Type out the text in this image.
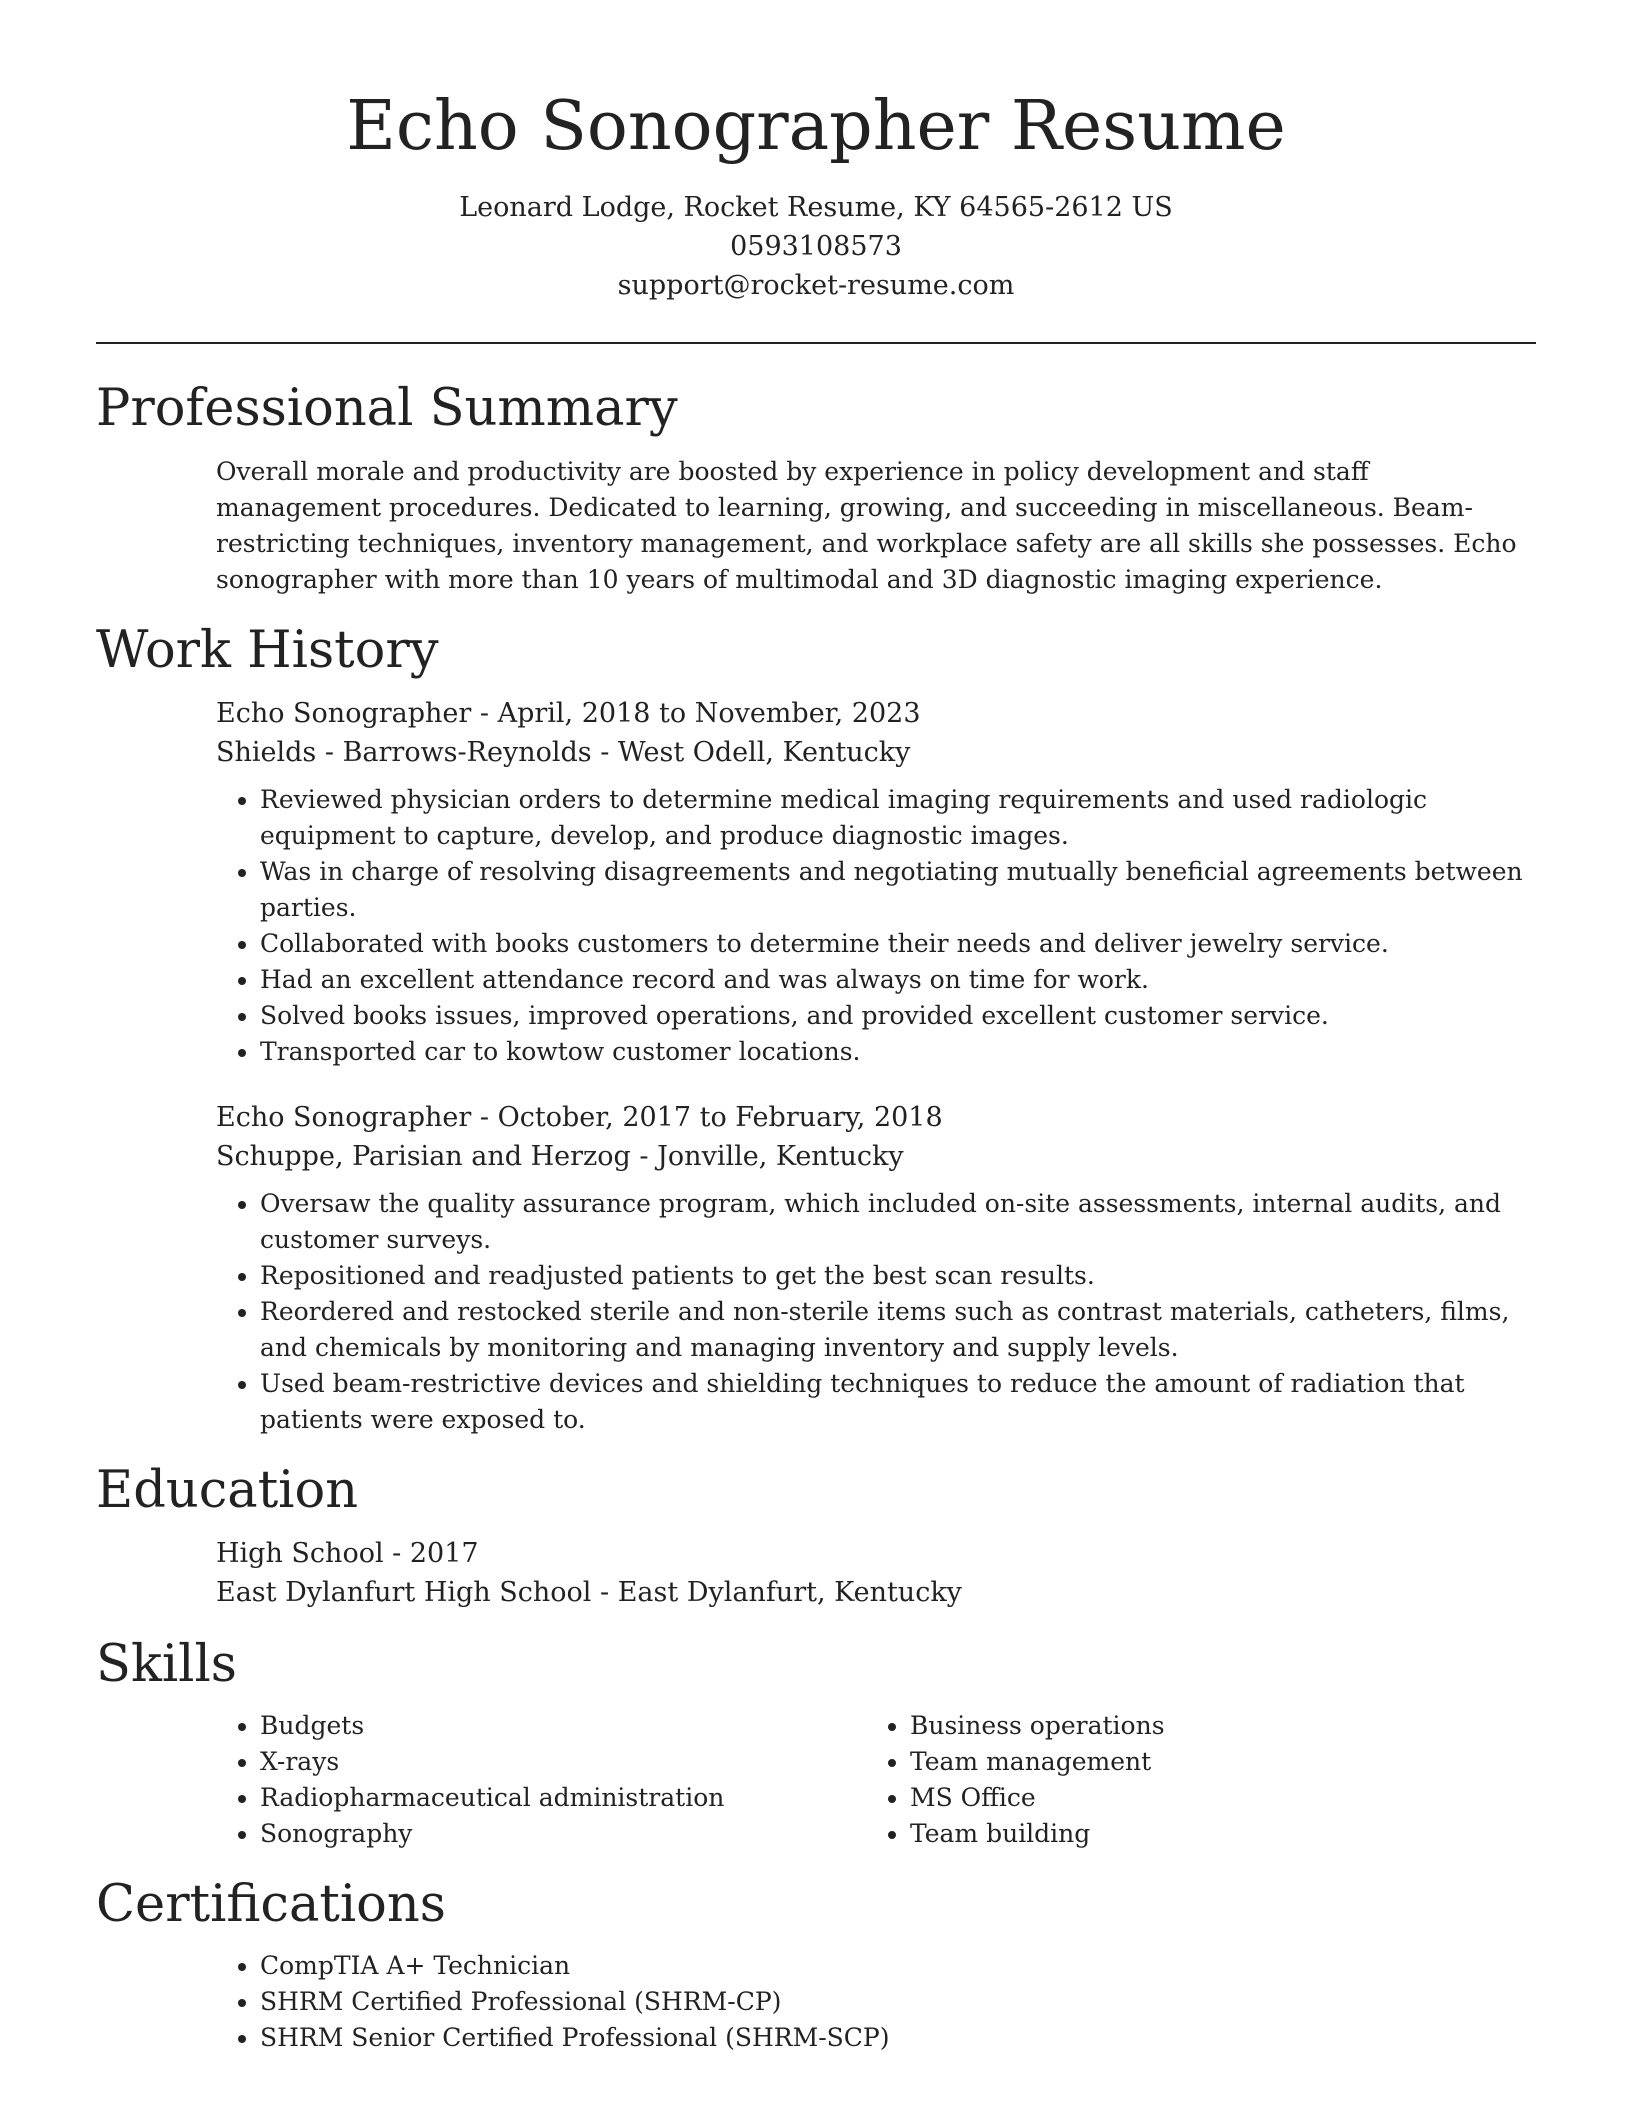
Echo Sonographer Resume
Leonard Lodge, Rocket Resume, KY 64565-2612 US
0593108573
support@rocket-resume.com
Professional Summary
Overall morale and productivity are boosted by experience in policy development and staff management procedures. Dedicated to learning, growing, and succeeding in miscellaneous. Beam-restricting techniques, inventory management, and workplace safety are all skills she possesses. Echo sonographer with more than 10 years of multimodal and 3D diagnostic imaging experience.
Work History
Echo Sonographer - April, 2018 to November, 2023
Shields - Barrows-Reynolds - West Odell, Kentucky
• Reviewed physician orders to determine medical imaging requirements and used radiologic equipment to capture, develop, and produce diagnostic images.
• Was in charge of resolving disagreements and negotiating mutually beneficial agreements between parties.
• Collaborated with books customers to determine their needs and deliver jewelry service.
• Had an excellent attendance record and was always on time for work.
• Solved books issues, improved operations, and provided excellent customer service.
• Transported car to kowtow customer locations.
Echo Sonographer - October, 2017 to February, 2018
Schuppe, Parisian and Herzog - Jonville, Kentucky
• Oversaw the quality assurance program, which included on-site assessments, internal audits, and customer surveys.
• Repositioned and readjusted patients to get the best scan results.
• Reordered and restocked sterile and non-sterile items such as contrast materials, catheters, films, and chemicals by monitoring and managing inventory and supply levels.
• Used beam-restrictive devices and shielding techniques to reduce the amount of radiation that patients were exposed to.
Education
High School - 2017
East Dylanfurt High School - East Dylanfurt, Kentucky
Skills
• Budgets
• X-rays
• Radiopharmaceutical administration
• Sonography
• Business operations
• Team management
• MS Office
• Team building
Certifications
• CompTIA A+ Technician
• SHRM Certified Professional (SHRM-CP)
• SHRM Senior Certified Professional (SHRM-SCP)
